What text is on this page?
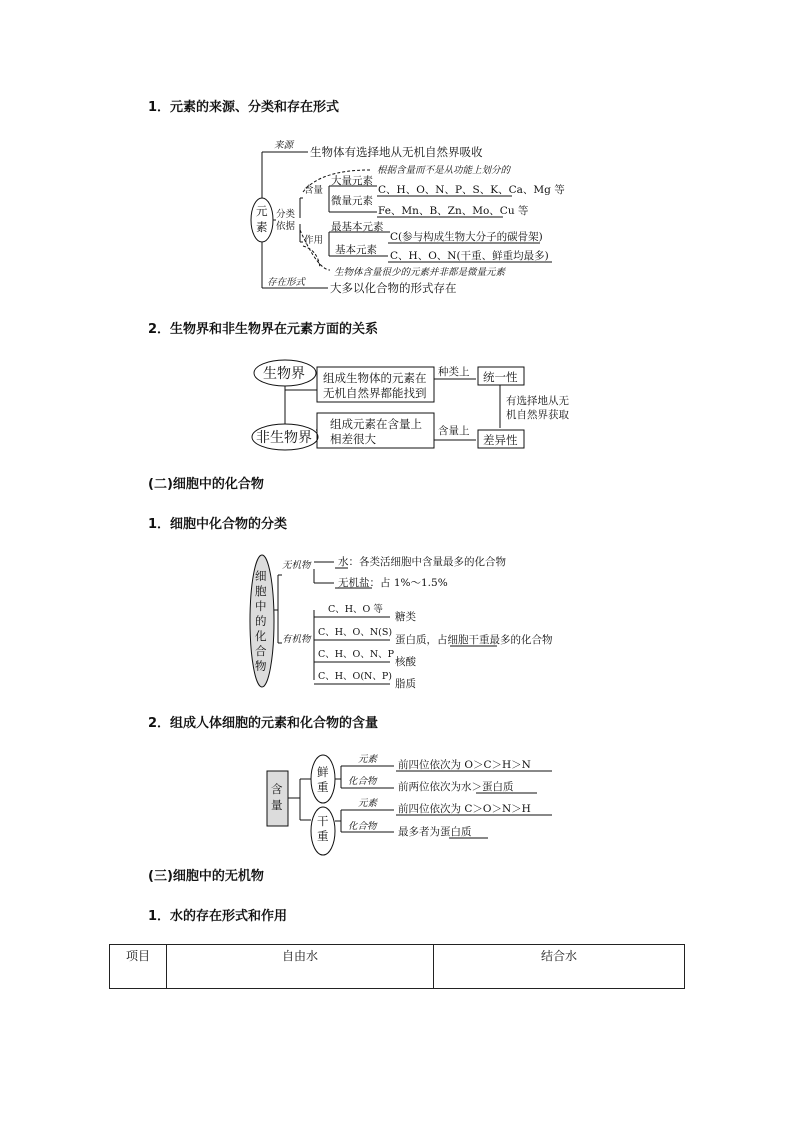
1．元素的来源、分类和存在形式
2．生物界和非生物界在元素方面的关系
(二)细胞中的化合物
1．细胞中化合物的分类
2．组成人体细胞的元素和化合物的含量
(三)细胞中的无机物
1．水的存在形式和作用
元
素
来源 生物体有选择地从无机自然界吸收
分类
依据
含量
作用
根据含量而不是从功能上划分的
大量元素
C、H、O、N、P、S、K、Ca、Mg 等
微量元素
Fe、Mn、B、Zn、Mo、Cu 等
最基本元素
C(参与构成生物大分子的碳骨架)
基本元素 C、H、O、N(干重、鲜重均最多)
生物体含量很少的元素并非都是微量元素
存在形式 大多以化合物的形式存在
生物界
非生物界
组成生物体的元素在
无机自然界都能找到
组成元素在含量上
相差很大
种类上
含量上
统一性
差异性
有选择地从无
机自然界获取
细
胞
中
的
化
合
物
无机物
有机物
水：各类活细胞中含量最多的化合物
无机盐：占 1%～1.5%
C、H、O 等
C、H、O、N(S)
C、H、O、N、P
C、H、O(N、P)
糖类
蛋白质，占细胞干重最多的化合物
核酸
脂质
含
量
鲜
重
干
重
元素
化合物
元素
化合物
前四位依次为 O＞C＞H＞N
前两位依次为水＞蛋白质
前四位依次为 C＞O＞N＞H
最多者为蛋白质
项目	自由水	结合水
